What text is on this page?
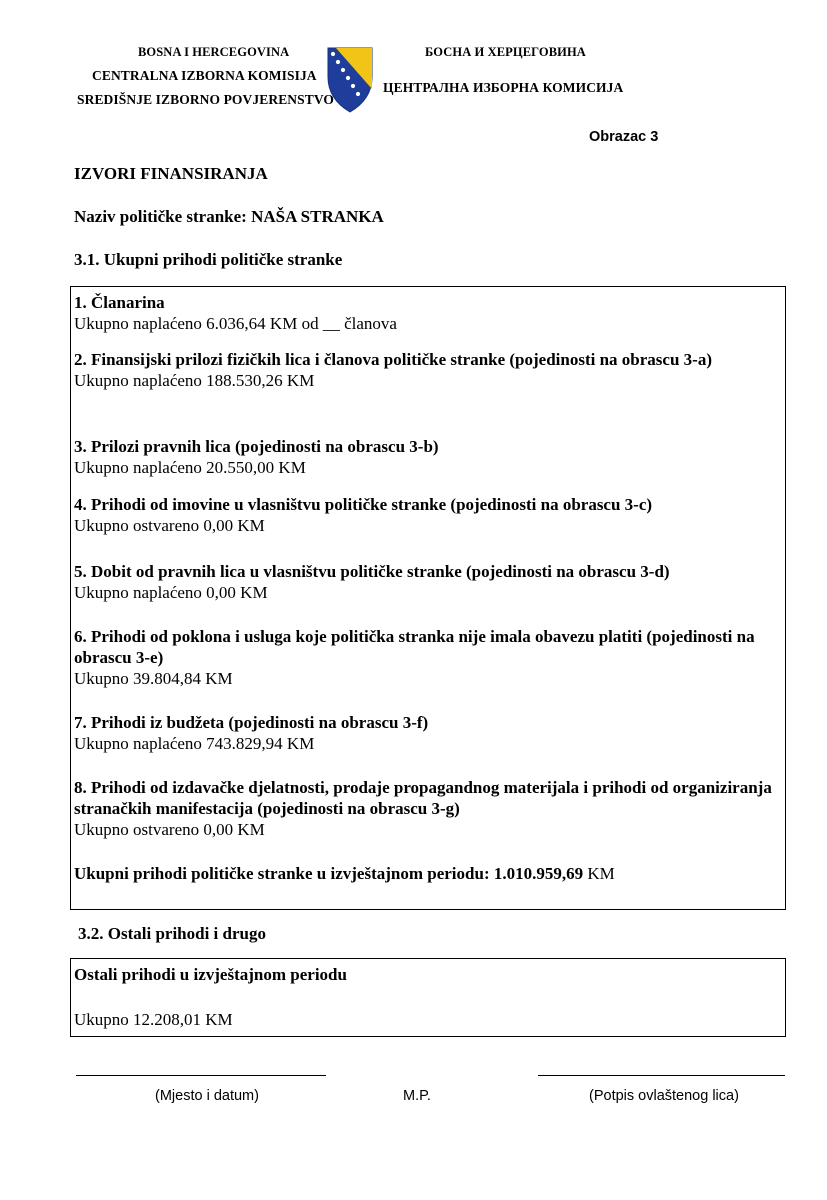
BOSNA I HERCEGOVINA
CENTRALNA IZBORNA KOMISIJA
SREDIŠNJE IZBORNO POVJERENSTVO
БОСНА И ХЕРЦЕГОВИНА
ЦЕНТРАЛНА ИЗБОРНА КОМИСИЈА
Obrazac 3
IZVORI FINANSIRANJA
Naziv političke stranke: NAŠA STRANKA
3.1. Ukupni prihodi političke stranke
1. Članarina
Ukupno naplaćeno 6.036,64 KM od __ članova
2. Finansijski prilozi fizičkih lica i članova političke stranke (pojedinosti na obrascu 3-a)
Ukupno naplaćeno 188.530,26 KM
3. Prilozi pravnih lica (pojedinosti na obrascu 3-b)
Ukupno naplaćeno 20.550,00 KM
4. Prihodi od imovine u vlasništvu političke stranke (pojedinosti na obrascu 3-c)
Ukupno ostvareno 0,00 KM
5. Dobit od pravnih lica u vlasništvu političke stranke (pojedinosti na obrascu 3-d)
Ukupno naplaćeno 0,00 KM
6. Prihodi od poklona i usluga koje politička stranka nije imala obavezu platiti (pojedinosti na obrascu 3-e)
Ukupno 39.804,84 KM
7. Prihodi iz budžeta (pojedinosti na obrascu 3-f)
Ukupno naplaćeno 743.829,94 KM
8. Prihodi od izdavačke djelatnosti, prodaje propagandnog materijala i prihodi od organiziranja stranačkih manifestacija (pojedinosti na obrascu 3-g)
Ukupno ostvareno 0,00 KM
Ukupni prihodi političke stranke u izvještajnom periodu: 1.010.959,69 KM
3.2. Ostali prihodi i drugo
Ostali prihodi u izvještajnom periodu
Ukupno 12.208,01 KM
(Mjesto i datum)	M.P.	(Potpis ovlaštenog lica)
